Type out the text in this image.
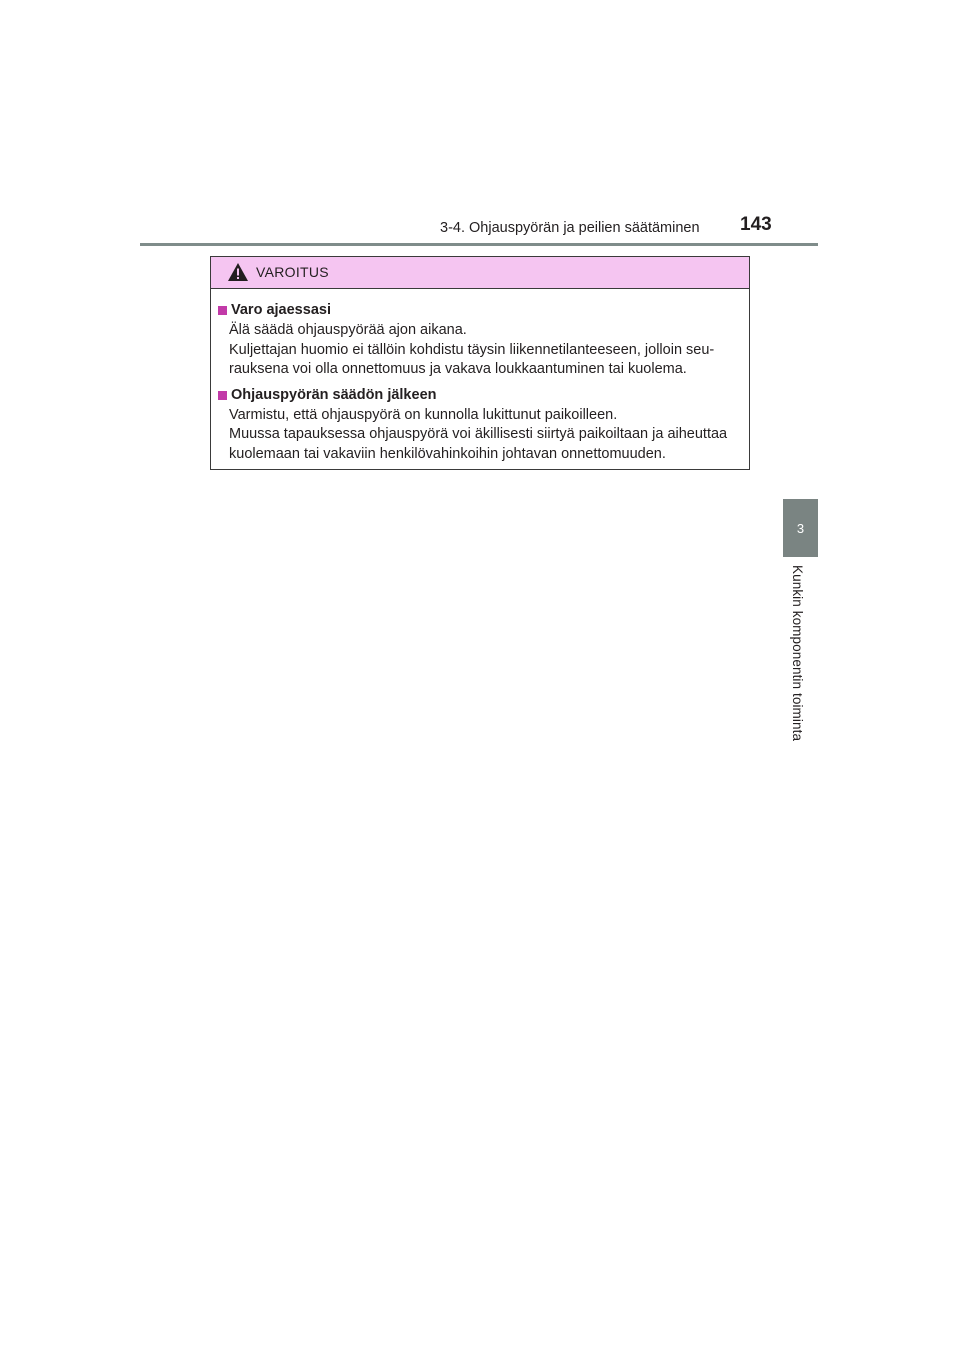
3-4. Ohjauspyörän ja peilien säätäminen 143
3
Kunkin komponentin toiminta
VAROITUS
Varo ajaessasi
Älä säädä ohjauspyörää ajon aikana.
Kuljettajan huomio ei tällöin kohdistu täysin liikennetilanteeseen, jolloin seu-
rauksena voi olla onnettomuus ja vakava loukkaantuminen tai kuolema.
Ohjauspyörän säädön jälkeen
Varmistu, että ohjauspyörä on kunnolla lukittunut paikoilleen.
Muussa tapauksessa ohjauspyörä voi äkillisesti siirtyä paikoiltaan ja aiheuttaa
kuolemaan tai vakaviin henkilövahinkoihin johtavan onnettomuuden.
